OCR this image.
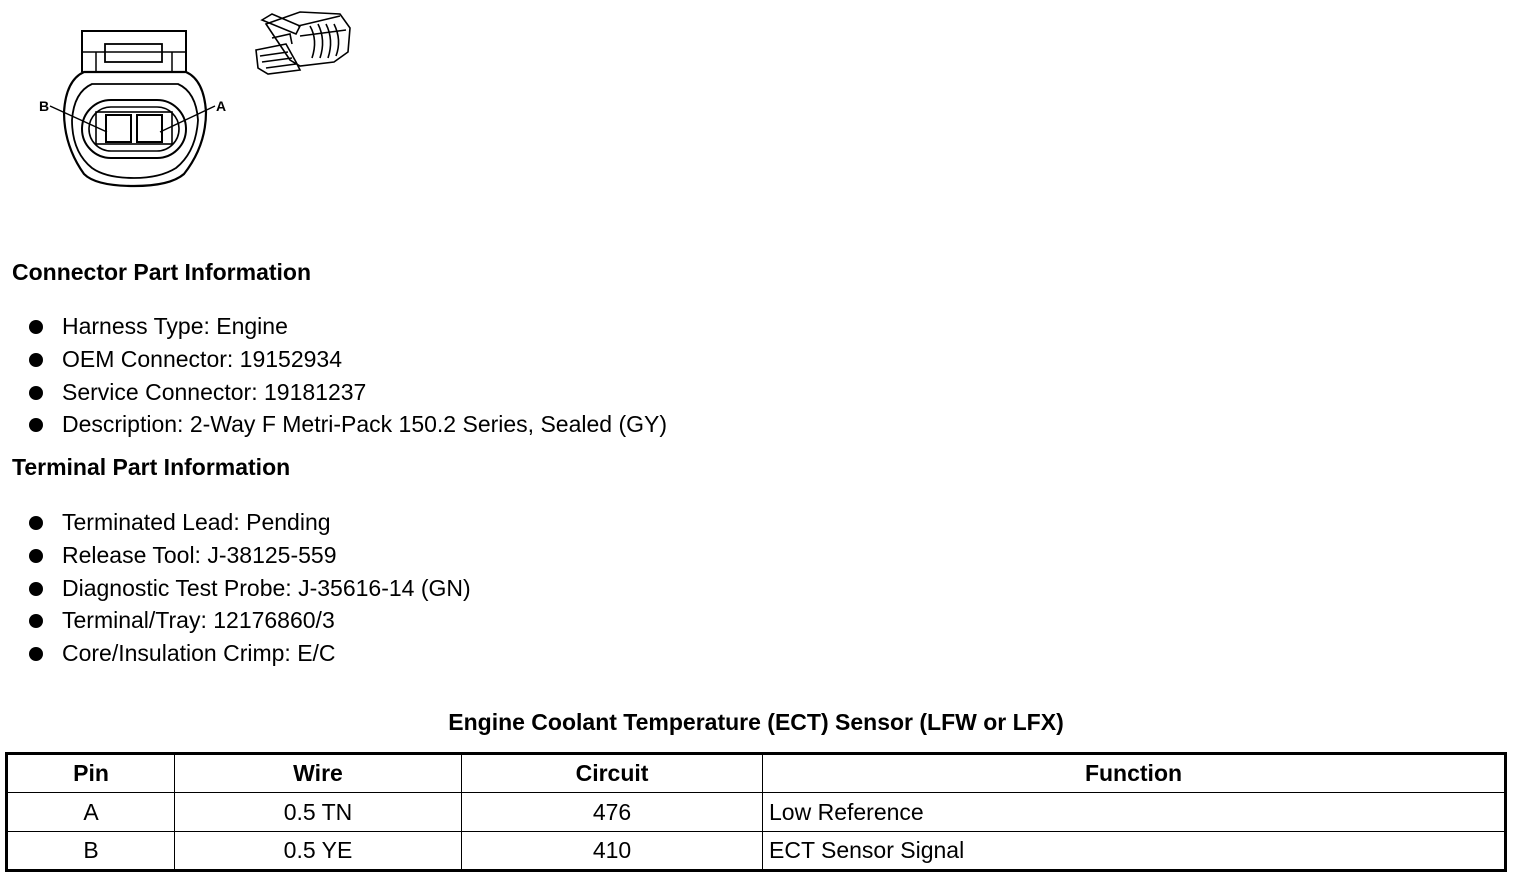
B	A
Connector Part Information
Harness Type: Engine
OEM Connector: 19152934
Service Connector: 19181237
Description: 2-Way F Metri-Pack 150.2 Series, Sealed (GY)
Terminal Part Information
Terminated Lead: Pending
Release Tool: J-38125-559
Diagnostic Test Probe: J-35616-14 (GN)
Terminal/Tray: 12176860/3
Core/Insulation Crimp: E/C
Engine Coolant Temperature (ECT) Sensor (LFW or LFX)
Pin	Wire	Circuit	Function
A	0.5 TN	476	Low Reference
B	0.5 YE	410	ECT Sensor Signal
